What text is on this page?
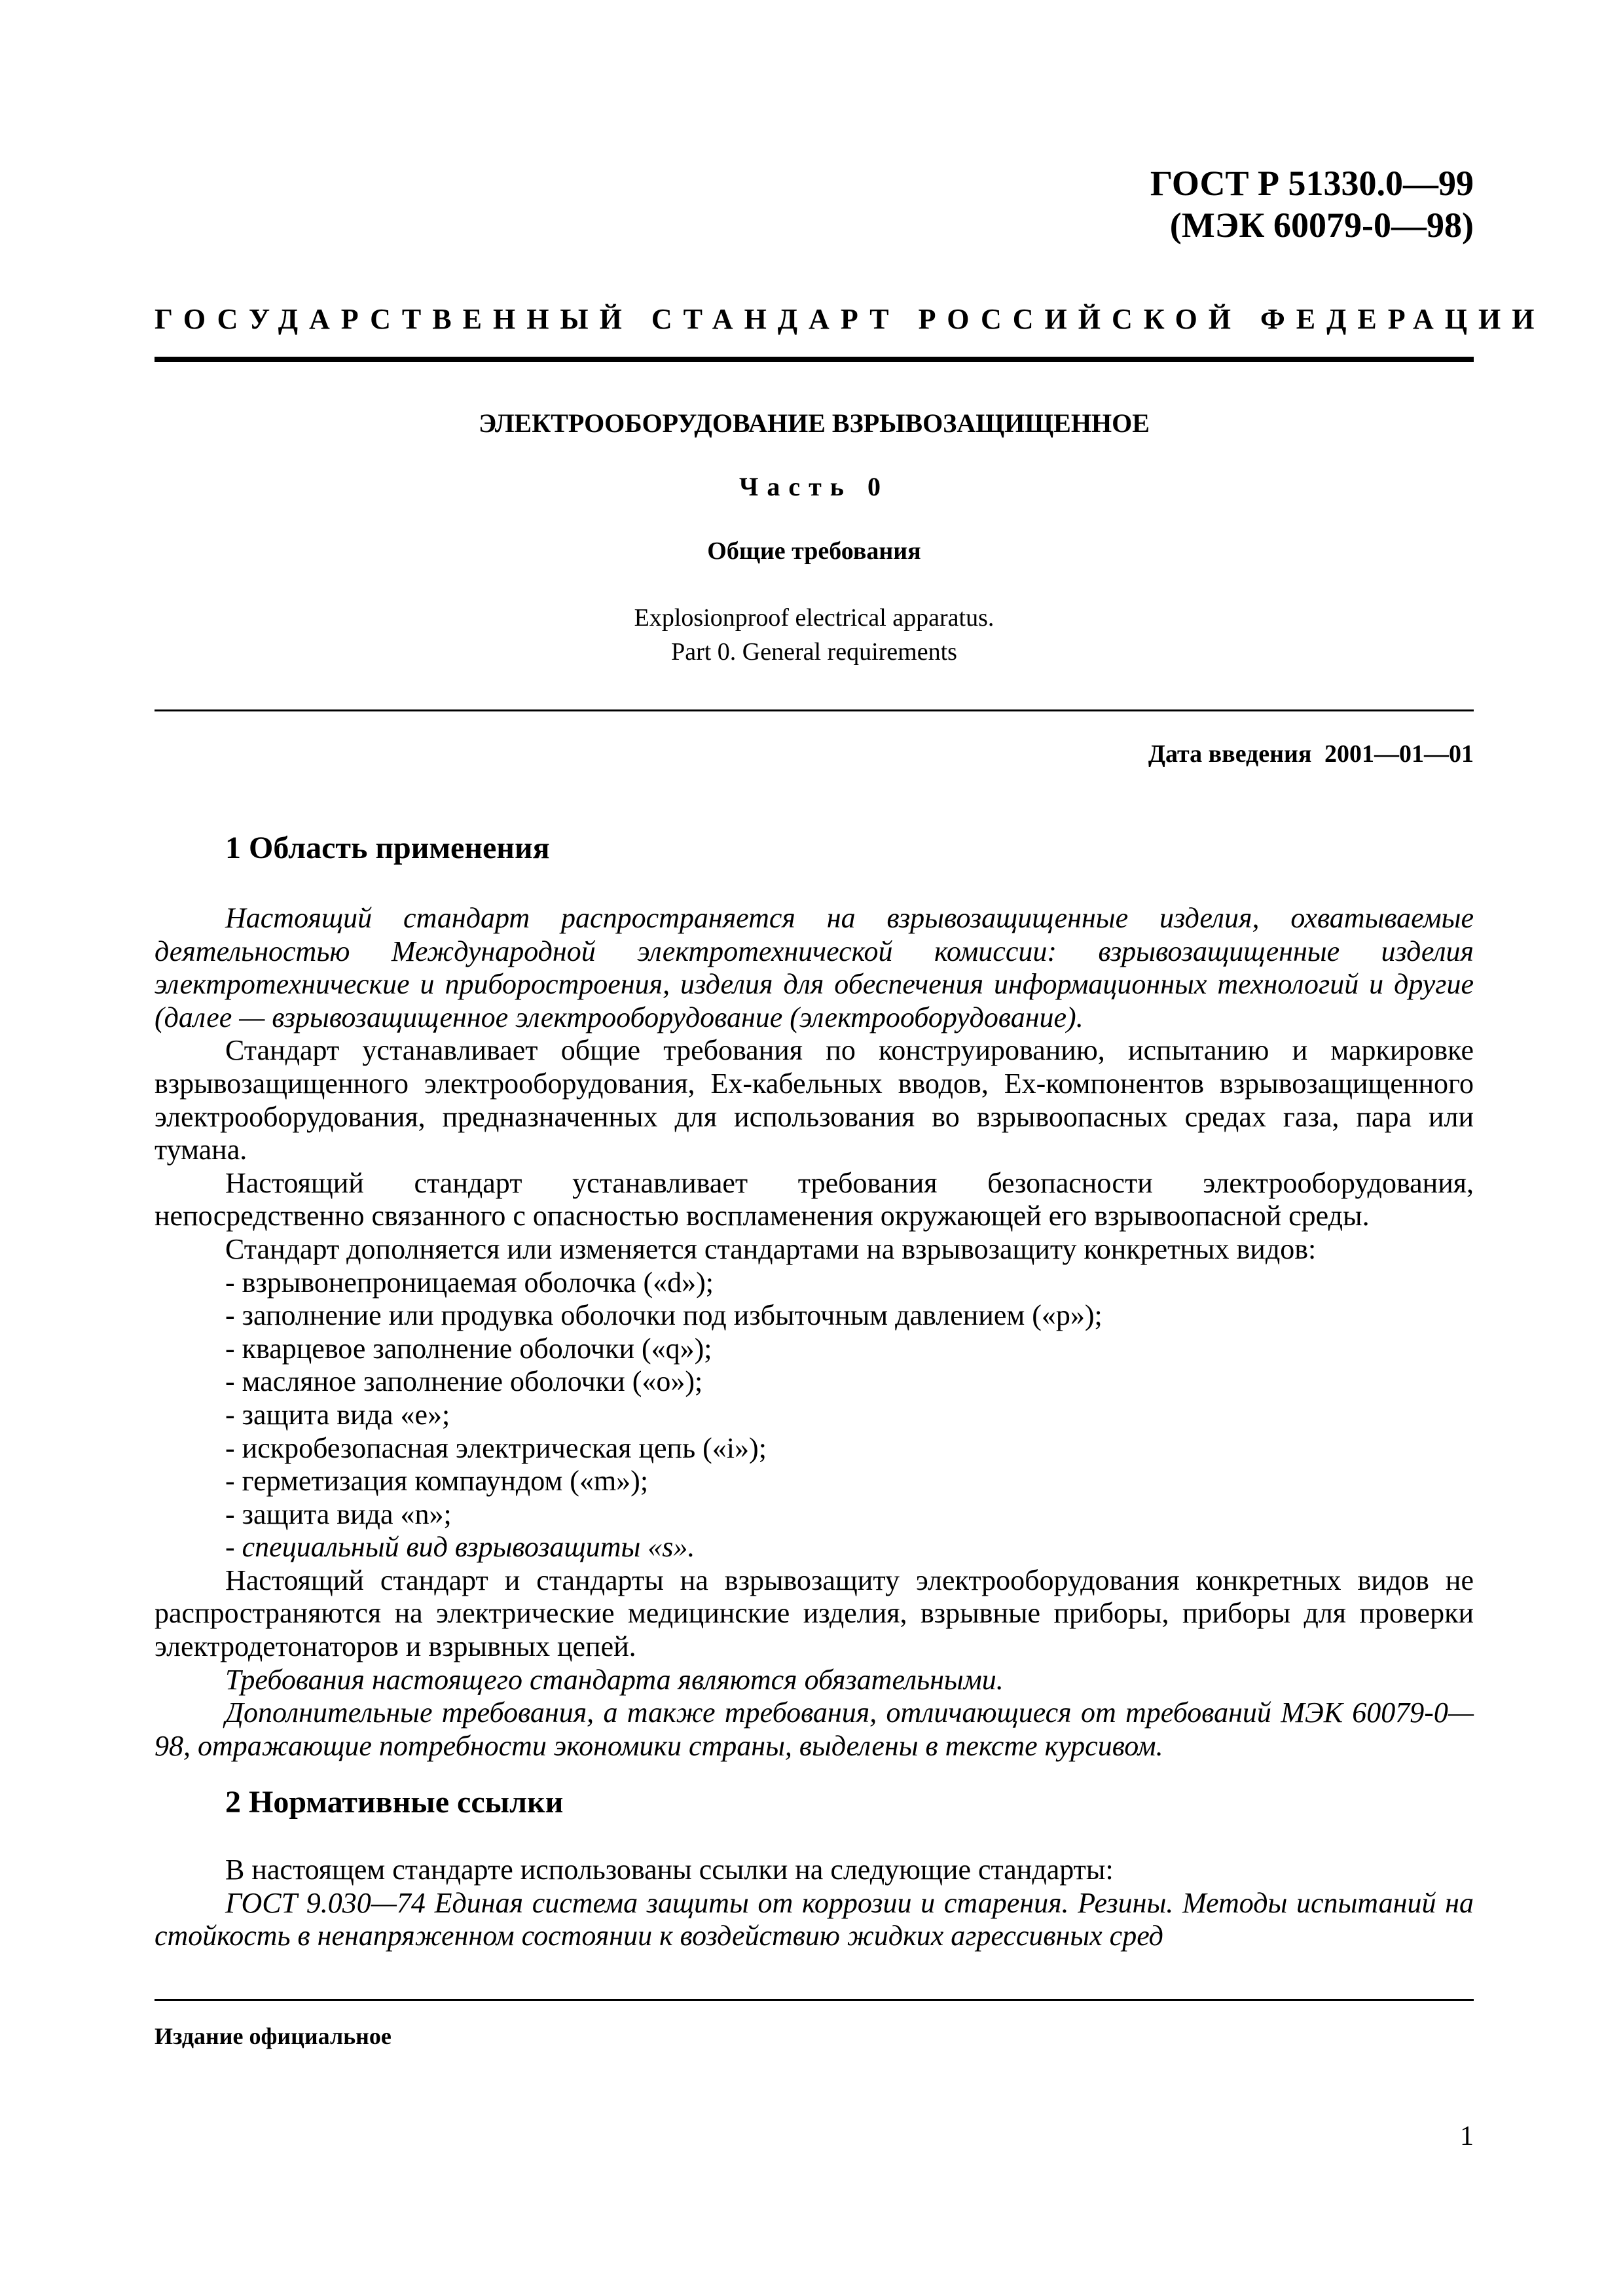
ГОСТ Р 51330.0—99
(МЭК 60079-0—98)
ГОСУДАРСТВЕННЫЙ СТАНДАРТ РОССИЙСКОЙ ФЕДЕРАЦИИ
ЭЛЕКТРООБОРУДОВАНИЕ ВЗРЫВОЗАЩИЩЕННОЕ
Часть 0
Общие требования
Explosionproof electrical apparatus.
Part 0. General requirements
Дата введения 2001—01—01
1 Область применения

Настоящий стандарт распространяется на взрывозащищенные изделия, охватываемые деятельностью Международной электротехнической комиссии: взрывозащищенные изделия электротехнические и приборостроения, изделия для обеспечения информационных технологий и другие (далее — взрывозащищенное электрооборудование (электрооборудование).

Стандарт устанавливает общие требования по конструированию, испытанию и маркировке взрывозащищенного электрооборудования, Ex-кабельных вводов, Ex-компонентов взрывозащищенного электрооборудования, предназначенных для использования во взрывоопасных средах газа, пара или тумана.

Настоящий стандарт устанавливает требования безопасности электрооборудования, непосредственно связанного с опасностью воспламенения окружающей его взрывоопасной среды.

Стандарт дополняется или изменяется стандартами на взрывозащиту конкретных видов:

- взрывонепроницаемая оболочка («d»);
- заполнение или продувка оболочки под избыточным давлением («р»);
- кварцевое заполнение оболочки («q»);
- масляное заполнение оболочки («о»);
- защита вида «е»;
- искробезопасная электрическая цепь («i»);
- герметизация компаундом («m»);
- защита вида «n»;
- специальный вид взрывозащиты «s».

Настоящий стандарт и стандарты на взрывозащиту электрооборудования конкретных видов не распространяются на электрические медицинские изделия, взрывные приборы, приборы для проверки электродетонаторов и взрывных цепей.

Требования настоящего стандарта являются обязательными.

Дополнительные требования, а также требования, отличающиеся от требований МЭК 60079-0—98, отражающие потребности экономики страны, выделены в тексте курсивом.

2 Нормативные ссылки

В настоящем стандарте использованы ссылки на следующие стандарты:

ГОСТ 9.030—74 Единая система защиты от коррозии и старения. Резины. Методы испытаний на стойкость в ненапряженном состоянии к воздействию жидких агрессивных сред

Издание официальное
1
